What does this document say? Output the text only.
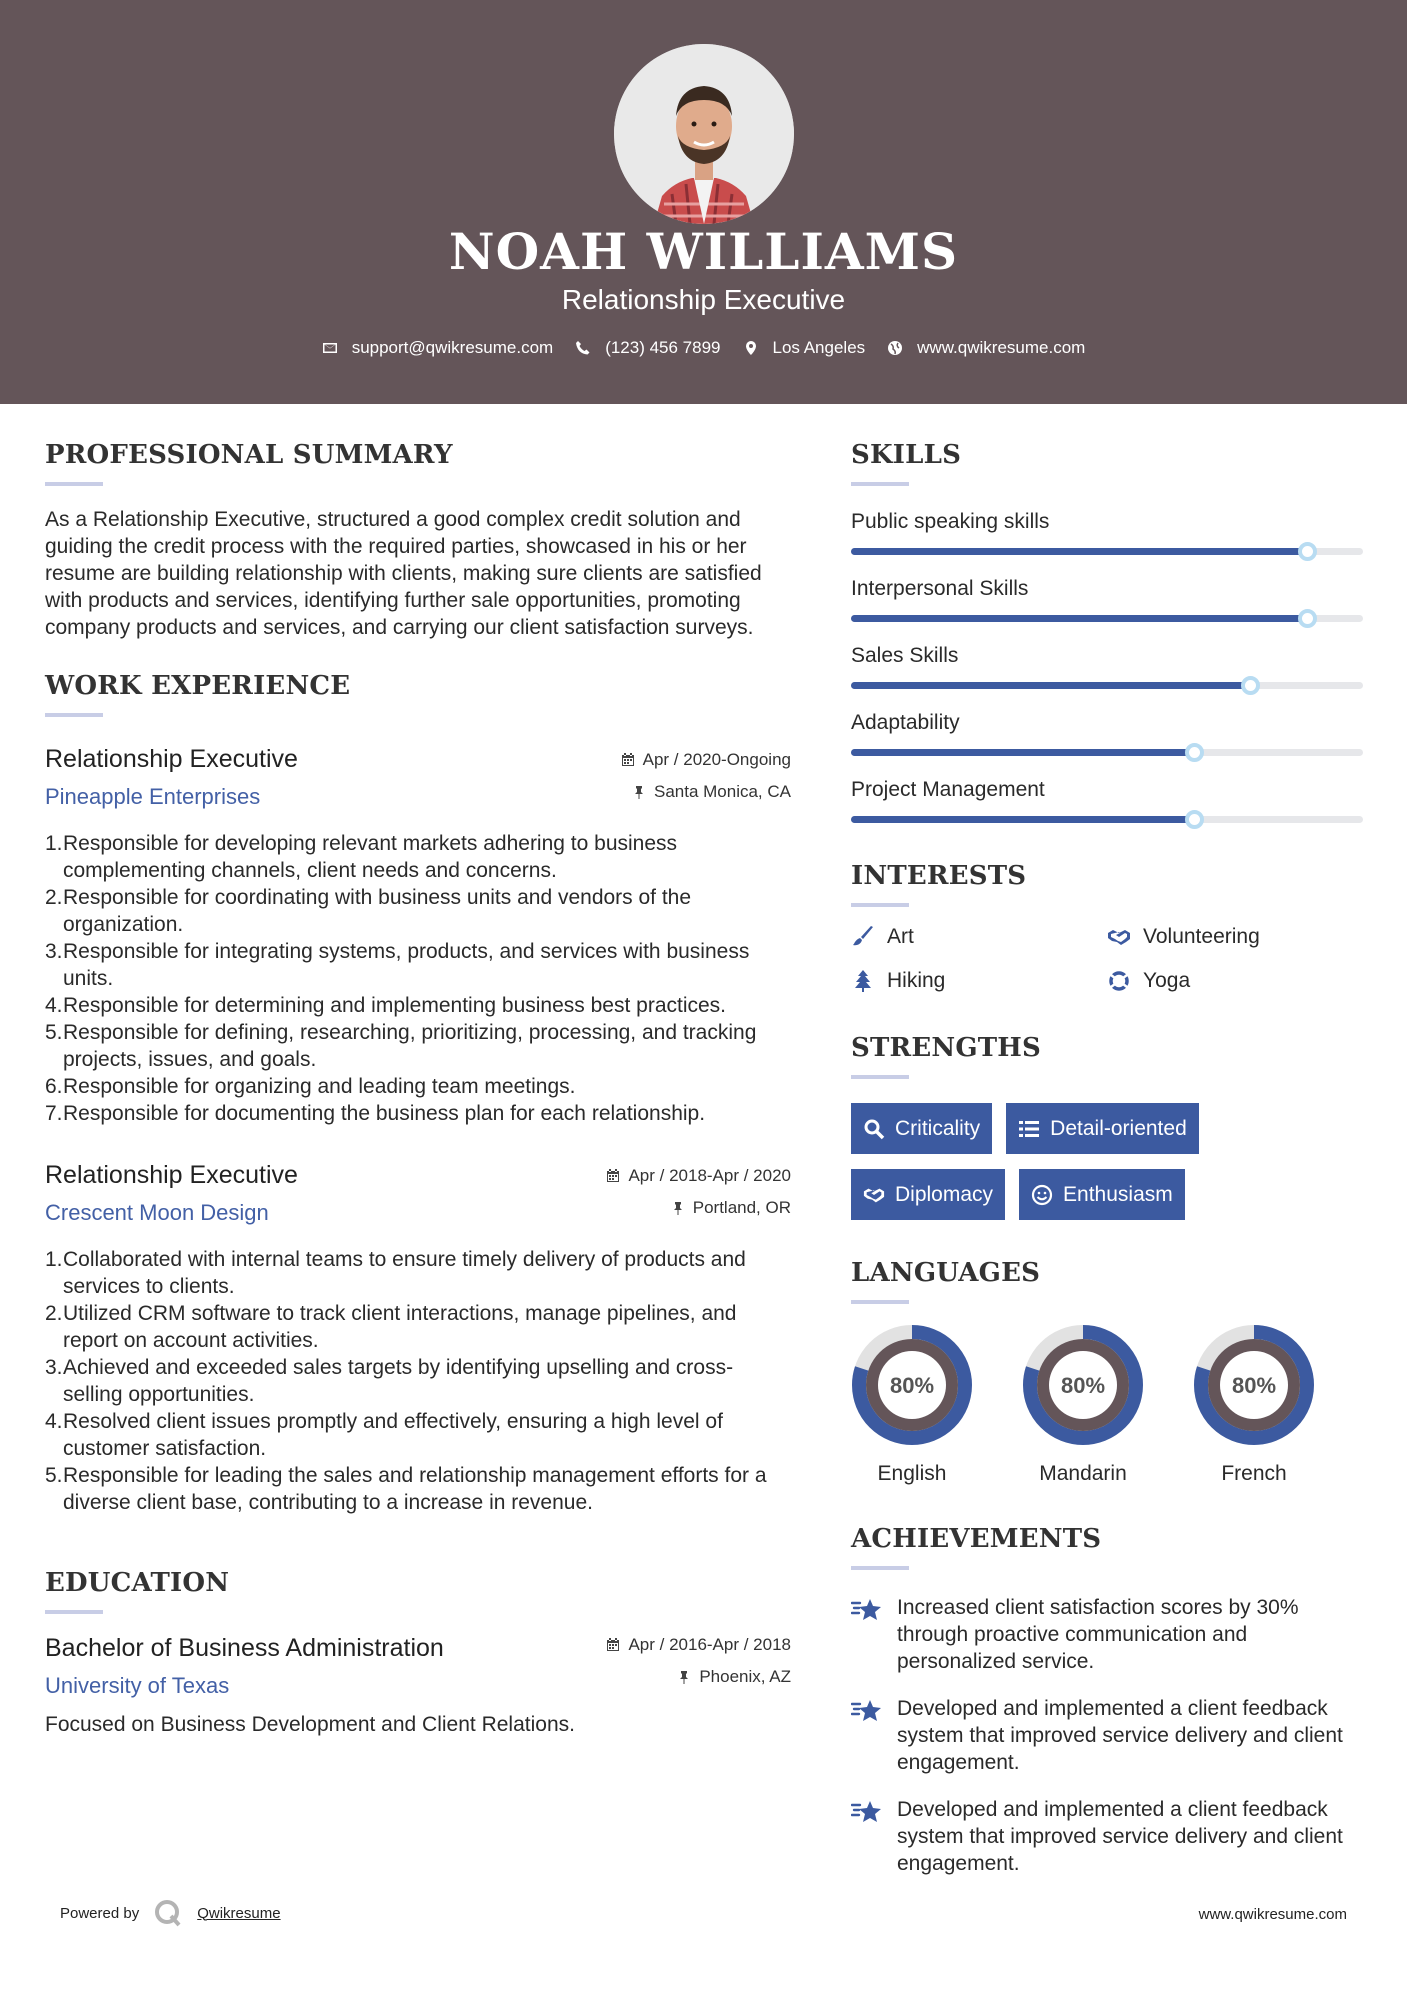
NOAH WILLIAMS
Relationship Executive
support@qwikresume.com	(123) 456 7899	Los Angeles	www.qwikresume.com
PROFESSIONAL SUMMARY

As a Relationship Executive, structured a good complex credit solution and guiding the credit process with the required parties, showcased in his or her resume are building relationship with clients, making sure clients are satisfied with products and services, identifying further sale opportunities, promoting company products and services, and carrying our client satisfaction surveys.

WORK EXPERIENCE
Relationship Executive
Pineapple Enterprises
Apr / 2020-Ongoing
Santa Monica, CA
1. Responsible for developing relevant markets adhering to business complementing channels, client needs and concerns.
2. Responsible for coordinating with business units and vendors of the organization.
3. Responsible for integrating systems, products, and services with business units.
4. Responsible for determining and implementing business best practices.
5. Responsible for defining, researching, prioritizing, processing, and tracking projects, issues, and goals.
6. Responsible for organizing and leading team meetings.
7. Responsible for documenting the business plan for each relationship.
Relationship Executive
Crescent Moon Design
Apr / 2018-Apr / 2020
Portland, OR
1. Collaborated with internal teams to ensure timely delivery of products and services to clients.
2. Utilized CRM software to track client interactions, manage pipelines, and report on account activities.
3. Achieved and exceeded sales targets by identifying upselling and cross-selling opportunities.
4. Resolved client issues promptly and effectively, ensuring a high level of customer satisfaction.
5. Responsible for leading the sales and relationship management efforts for a diverse client base, contributing to a increase in revenue.
EDUCATION
Bachelor of Business Administration
University of Texas
Apr / 2016-Apr / 2018
Phoenix, AZ
Focused on Business Development and Client Relations.
SKILLS
Public speaking skills
Interpersonal Skills
Sales Skills
Adaptability
Project Management
INTERESTS
Art	Volunteering
Hiking	Yoga
STRENGTHS
Criticality	Detail-oriented
Diplomacy	Enthusiasm
LANGUAGES
80%
English
80%
Mandarin
80%
French
ACHIEVEMENTS
Increased client satisfaction scores by 30% through proactive communication and personalized service.
Developed and implemented a client feedback system that improved service delivery and client engagement.
Developed and implemented a client feedback system that improved service delivery and client engagement.
Powered by	Qwikresume	www.qwikresume.com
